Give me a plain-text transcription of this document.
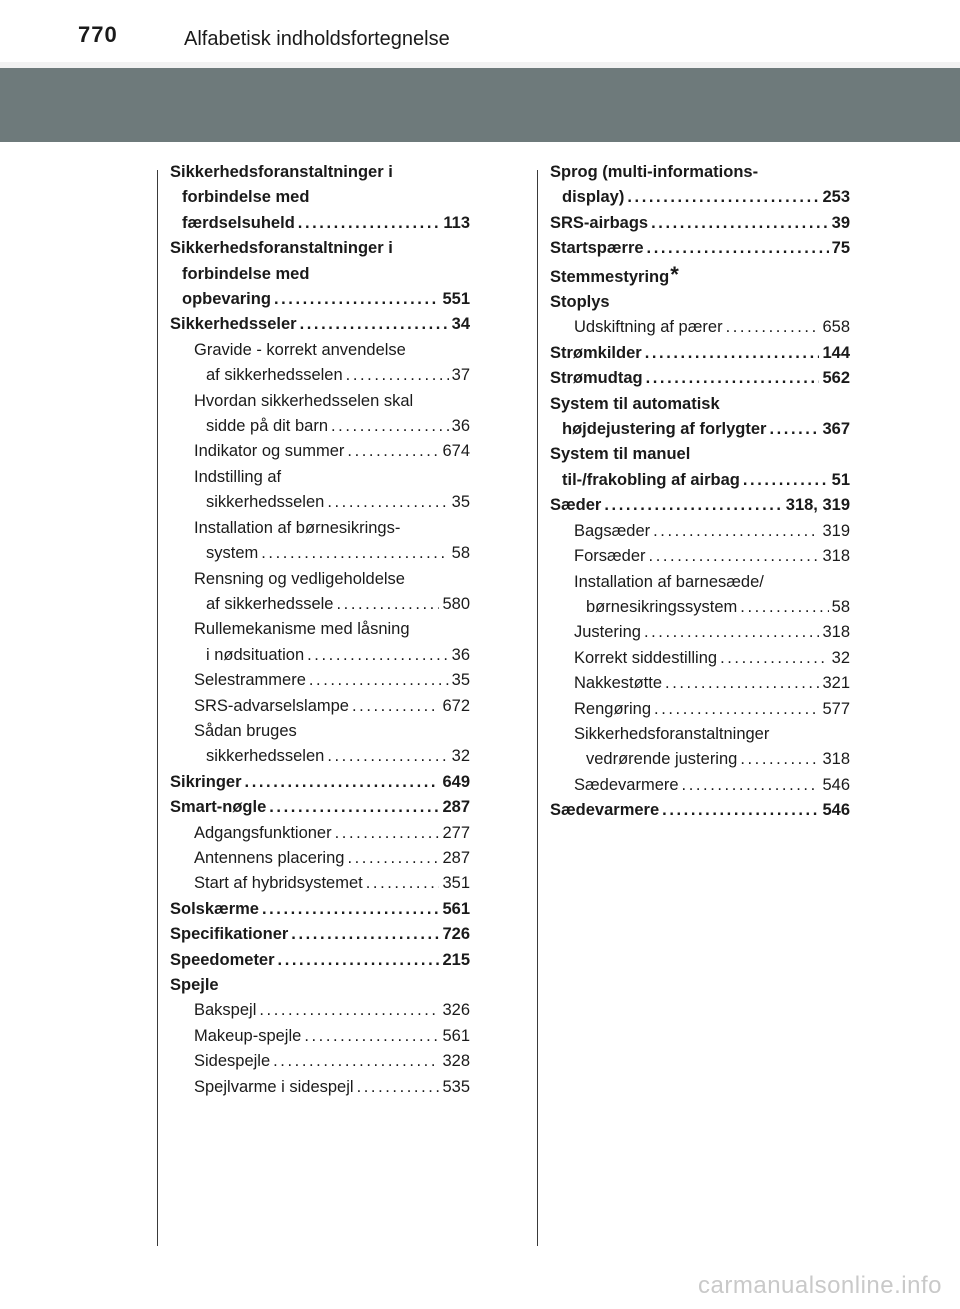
770	Alfabetisk indholdsfortegnelse
Sikkerhedsforanstaltninger i
forbindelse med
færdselsuheld . . .	113
Sikkerhedsforanstaltninger i
forbindelse med
opbevaring . . .	551
Sikkerhedsseler . . .	34
Gravide - korrekt anvendelse
af sikkerhedsselen . . .	37
Hvordan sikkerhedsselen skal
sidde på dit barn . . .	36
Indikator og summer . . .	674
Indstilling af
sikkerhedsselen . . .	35
Installation af børnesikrings-
system . . .	58
Rensning og vedligeholdelse
af sikkerhedssele . . .	580
Rullemekanisme med låsning
i nødsituation . . .	36
Selestrammere . . .	35
SRS-advarselslampe . . .	672
Sådan bruges
sikkerhedsselen . . .	32
Sikringer . . .	649
Smart-nøgle . . .	287
Adgangsfunktioner . . .	277
Antennens placering . . .	287
Start af hybridsystemet . . .	351
Solskærme . . .	561
Specifikationer . . .	726
Speedometer . . .	215
Spejle
Bakspejl . . .	326
Makeup-spejle . . .	561
Sidespejle . . .	328
Spejlvarme i sidespejl . . .	535
Sprog (multi-informations-
display) . . .	253
SRS-airbags . . .	39
Startspærre . . .	75
Stemmestyring *
Stoplys
Udskiftning af pærer . . .	658
Strømkilder . . .	144
Strømudtag . . .	562
System til automatisk
højdejustering af forlygter . . .	367
System til manuel
til-/frakobling af airbag . . .	51
Sæder . . .	318, 319
Bagsæder . . .	319
Forsæder . . .	318
Installation af barnesæde/
børnesikringssystem . . .	58
Justering . . .	318
Korrekt siddestilling . . .	32
Nakkestøtte . . .	321
Rengøring . . .	577
Sikkerhedsforanstaltninger
vedrørende justering . . .	318
Sædevarmere . . .	546
Sædevarmere . . .	546
carmanualsonline.info
